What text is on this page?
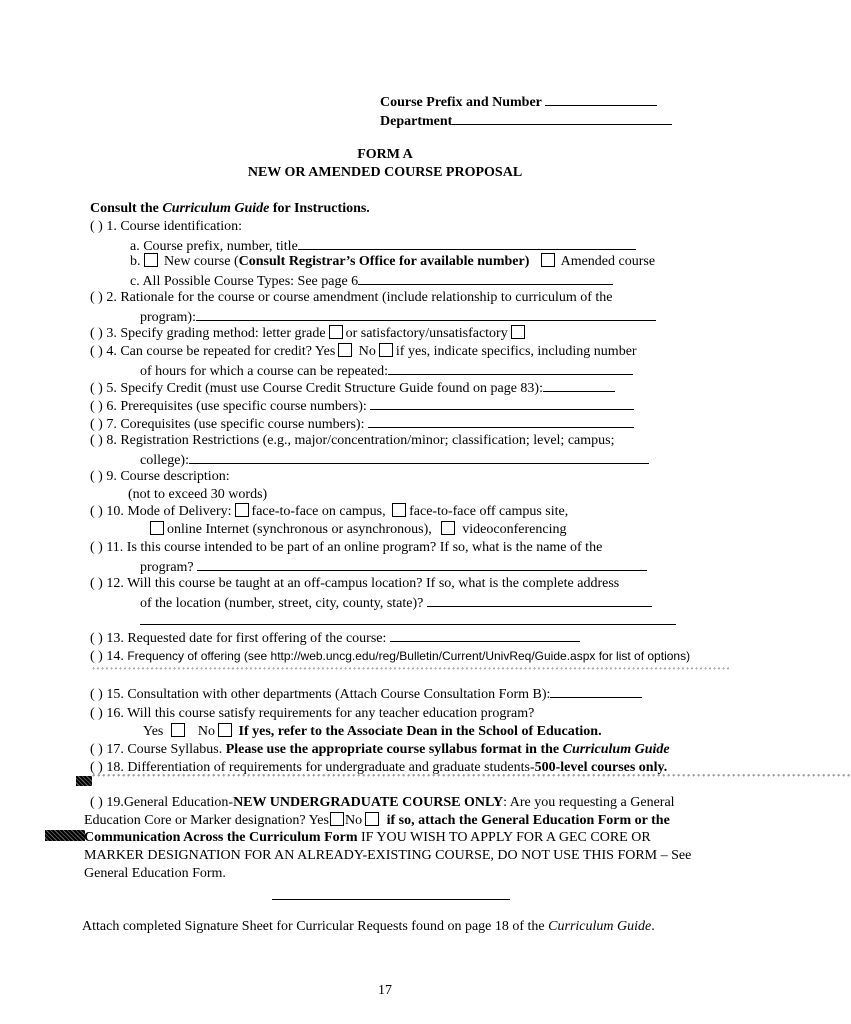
Course Prefix and Number
Department
FORM A
NEW OR AMENDED COURSE PROPOSAL
Consult the Curriculum Guide for Instructions.
( ) 1. Course identification:
a. Course prefix, number, title
b. New course (Consult Registrar’s Office for available number) Amended course
c. All Possible Course Types: See page 6
( ) 2. Rationale for the course or course amendment (include relationship to curriculum of the
program):
( ) 3. Specify grading method: letter grade or satisfactory/unsatisfactory
( ) 4. Can course be repeated for credit? Yes No if yes, indicate specifics, including number
of hours for which a course can be repeated:
( ) 5. Specify Credit (must use Course Credit Structure Guide found on page 83):
( ) 6. Prerequisites (use specific course numbers):
( ) 7. Corequisites (use specific course numbers):
( ) 8. Registration Restrictions (e.g., major/concentration/minor; classification; level; campus;
college):
( ) 9. Course description:
(not to exceed 30 words)
( ) 10. Mode of Delivery: face-to-face on campus, face-to-face off campus site,
online Internet (synchronous or asynchronous), videoconferencing
( ) 11. Is this course intended to be part of an online program? If so, what is the name of the
program?
( ) 12. Will this course be taught at an off-campus location? If so, what is the complete address
of the location (number, street, city, county, state)?
( ) 13. Requested date for first offering of the course:
( ) 14. Frequency of offering (see http://web.uncg.edu/reg/Bulletin/Current/UnivReq/Guide.aspx for list of options)
ﾞﾞﾞﾞﾞﾞﾞﾞﾞﾞﾞﾞﾞﾞﾞﾞﾞﾞﾞﾞﾞﾞﾞﾞﾞﾞﾞﾞﾞﾞﾞﾞﾞﾞﾞﾞﾞﾞﾞﾞﾞﾞﾞﾞﾞﾞﾞﾞﾞﾞﾞﾞﾞﾞﾞﾞﾞﾞﾞﾞﾞﾞﾞﾞﾞﾞﾞﾞﾞﾞﾞﾞﾞﾞﾞﾞﾞﾞﾞﾞﾞﾞﾞﾞﾞﾞﾞﾞﾞﾞﾞﾞﾞﾞﾞﾞﾞﾞﾞﾞﾞﾞﾞﾞﾞﾞﾞﾞﾞﾞﾞﾞﾞﾞﾞﾞﾞﾞﾞﾞﾞﾞﾞﾞﾞﾞﾞﾞﾞﾞﾞﾞﾞﾞﾞﾞﾞﾞﾞﾞﾞﾞ
( ) 15. Consultation with other departments (Attach Course Consultation Form B):
( ) 16. Will this course satisfy requirements for any teacher education program?
Yes No If yes, refer to the Associate Dean in the School of Education.
( ) 17. Course Syllabus. Please use the appropriate course syllabus format in the Curriculum Guide
( ) 18. Differentiation of requirements for undergraduate and graduate students-500-level courses only.
ﾞﾞﾞﾞﾞﾞﾞﾞﾞﾞﾞﾞﾞﾞﾞﾞﾞﾞﾞﾞﾞﾞﾞﾞﾞﾞﾞﾞﾞﾞﾞﾞﾞﾞﾞﾞﾞﾞﾞﾞﾞﾞﾞﾞﾞﾞﾞﾞﾞﾞﾞﾞﾞﾞﾞﾞﾞﾞﾞﾞﾞﾞﾞﾞﾞﾞﾞﾞﾞﾞﾞﾞﾞﾞﾞﾞﾞﾞﾞﾞﾞﾞﾞﾞﾞﾞﾞﾞﾞﾞﾞﾞﾞﾞﾞﾞﾞﾞﾞﾞﾞﾞﾞﾞﾞﾞﾞﾞﾞﾞﾞﾞﾞﾞﾞﾞﾞﾞﾞﾞﾞﾞﾞﾞﾞﾞﾞﾞﾞﾞﾞﾞﾞﾞﾞﾞﾞﾞﾞﾞﾞﾞﾞﾞﾞﾞﾞﾞﾞﾞﾞﾞ
( ) 19.General Education-NEW UNDERGRADUATE COURSE ONLY: Are you requesting a General
Education Core or Marker designation? Yes No if so, attach the General Education Form or the
Communication Across the Curriculum Form IF YOU WISH TO APPLY FOR A GEC CORE OR
MARKER DESIGNATION FOR AN ALREADY-EXISTING COURSE, DO NOT USE THIS FORM – See
General Education Form.
Attach completed Signature Sheet for Curricular Requests found on page 18 of the Curriculum Guide.
17
